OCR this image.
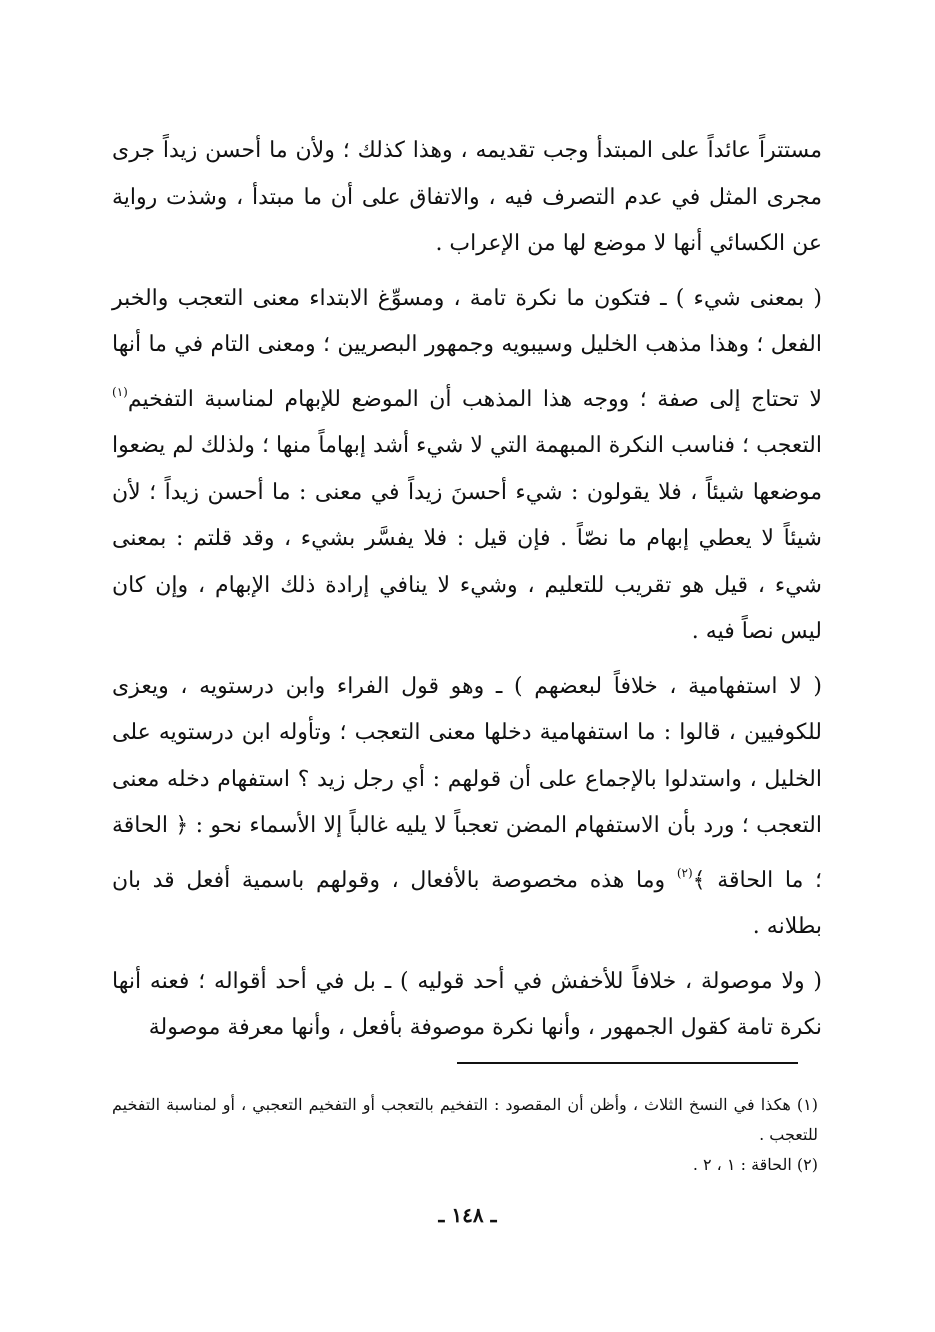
مستتراً عائداً على المبتدأ وجب تقديمه ، وهذا كذلك ؛ ولأن ما أحسن زيداً جرى مجرى المثل في عدم التصرف فيه ، والاتفاق على أن ما مبتدأ ، وشذت رواية عن الكسائي أنها لا موضع لها من الإعراب .

( بمعنى شيء ) ـ فتكون ما نكرة تامة ، ومسوِّغ الابتداء معنى التعجب والخبر الفعل ؛ وهذا مذهب الخليل وسيبويه وجمهور البصريين ؛ ومعنى التام في ما أنها لا تحتاج إلى صفة ؛ ووجه هذا المذهب أن الموضع للإبهام لمناسبة التفخيم$^{(١)}$ التعجب ؛ فناسب النكرة المبهمة التي لا شيء أشد إبهاماً منها ؛ ولذلك لم يضعوا موضعها شيئاً ، فلا يقولون : شيء أحسنَ زيداً في معنى : ما أحسن زيداً ؛ لأن شيئاً لا يعطي إبهام ما نصّاً . فإن قيل : فلا يفسَّر بشيء ، وقد قلتم : بمعنى شيء ، قيل هو تقريب للتعليم ، وشيء لا ينافي إرادة ذلك الإبهام ، وإن كان ليس نصاً فيه .

( لا استفهامية ، خلافاً لبعضهم ) ـ وهو قول الفراء وابن درستويه ، ويعزى للكوفيين ، قالوا : ما استفهامية دخلها معنى التعجب ؛ وتأوله ابن درستويه على الخليل ، واستدلوا بالإجماع على أن قولهم : أي رجل زيد ؟ استفهام دخله معنى التعجب ؛ ورد بأن الاستفهام المضن تعجباً لا يليه غالباً إلا الأسماء نحو : ﴿ الحاقة ؛ ما الحاقة ﴾$^{(٢)}$ وما هذه مخصوصة بالأفعال ، وقولهم باسمية أفعل قد بان بطلانه .

( ولا موصولة ، خلافاً للأخفش في أحد قوليه ) ـ بل في أحد أقواله ؛ فعنه أنها نكرة تامة كقول الجمهور ، وأنها نكرة موصوفة بأفعل ، وأنها معرفة موصولة

(١) هكذا في النسخ الثلاث ، وأظن أن المقصود : التفخيم بالتعجب أو التفخيم التعجبي ، أو لمناسبة التفخيم للتعجب .

(٢) الحاقة : ١ ، ٢ .

ـ ١٤٨ ـ
